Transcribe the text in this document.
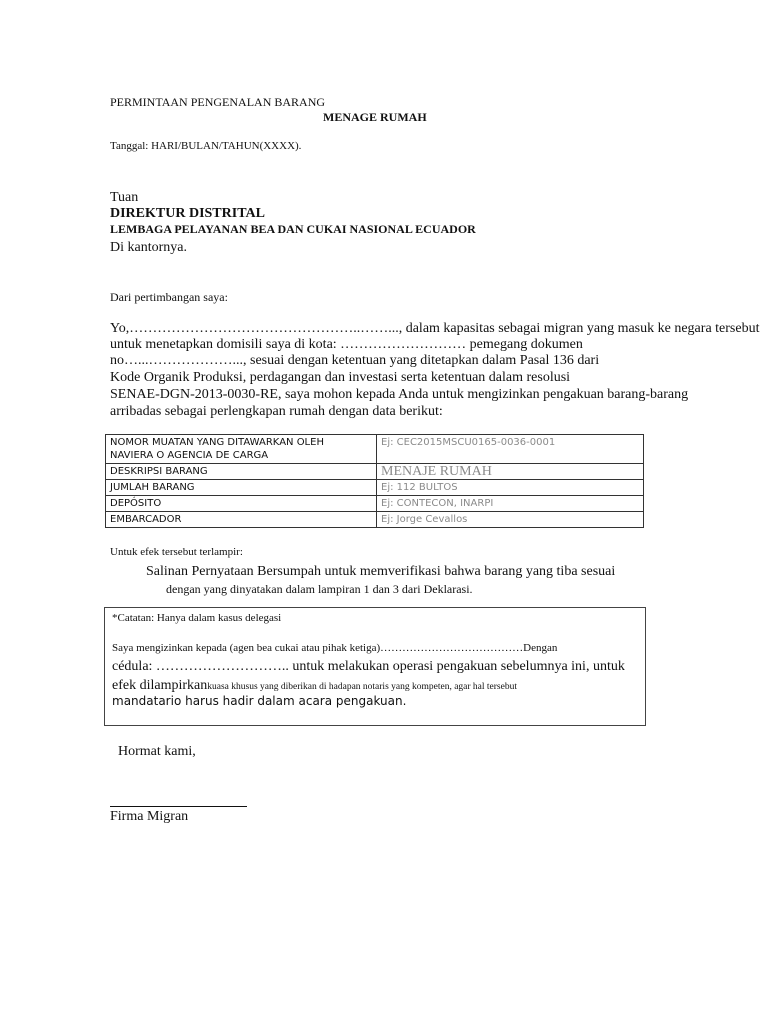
PERMINTAAN PENGENALAN BARANG
MENAGE RUMAH
Tanggal: HARI/BULAN/TAHUN(XXXX).
Tuan
DIREKTUR DISTRITAL
LEMBAGA PELAYANAN BEA DAN CUKAI NASIONAL ECUADOR
Di kantornya.
Dari pertimbangan saya:
Yo,…………………………………………..……..., dalam kapasitas sebagai migran yang masuk ke negara tersebut
untuk menetapkan domisili saya di kota: ……………………… pemegang dokumen
no…...………………..., sesuai dengan ketentuan yang ditetapkan dalam Pasal 136 dari
Kode Organik Produksi, perdagangan dan investasi serta ketentuan dalam resolusi
SENAE-DGN-2013-0030-RE, saya mohon kepada Anda untuk mengizinkan pengakuan barang-barang
arribadas sebagai perlengkapan rumah dengan data berikut:
NOMOR MUATAN YANG DITAWARKAN OLEH
NAVIERA O AGENCIA DE CARGA	Ej: CEC2015MSCU0165-0036-0001
DESKRIPSI BARANG	MENAJE RUMAH
JUMLAH BARANG	Ej: 112 BULTOS
DEPÓSITO	Ej: CONTECON, INARPI
EMBARCADOR	Ej: Jorge Cevallos
Untuk efek tersebut terlampir:
Salinan Pernyataan Bersumpah untuk memverifikasi bahwa barang yang tiba sesuai
dengan yang dinyatakan dalam lampiran 1 dan 3 dari Deklarasi.
*Catatan: Hanya dalam kasus delegasi
Saya mengizinkan kepada (agen bea cukai atau pihak ketiga)…………………………………Dengan
cédula: ……………………….. untuk melakukan operasi pengakuan sebelumnya ini, untuk
efek dilampirkankuasa khusus yang diberikan di hadapan notaris yang kompeten, agar hal tersebut
mandatario harus hadir dalam acara pengakuan.
Hormat kami,
Firma Migran
